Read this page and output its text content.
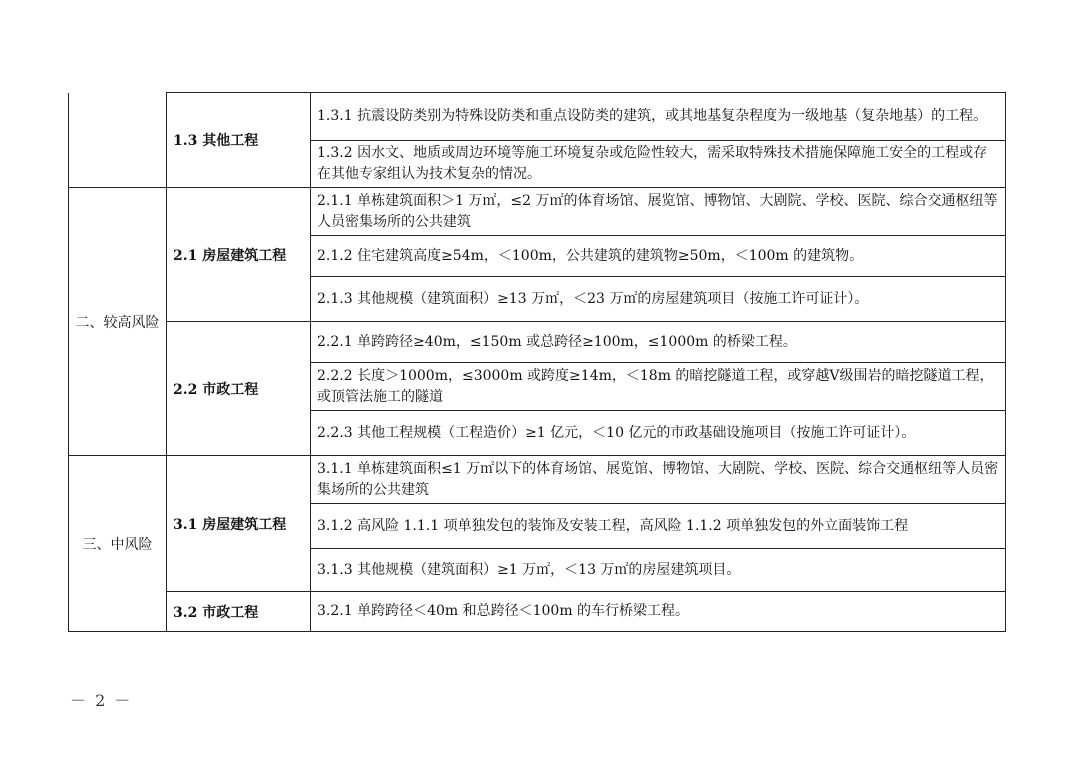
	1.3 其他工程	1.3.1 抗震设防类别为特殊设防类和重点设防类的建筑，或其地基复杂程度为一级地基（复杂地基）的工程。
		1.3.2 因水文、地质或周边环境等施工环境复杂或危险性较大，需采取特殊技术措施保障施工安全的工程或存在其他专家组认为技术复杂的情况。
二、较高风险	2.1 房屋建筑工程	2.1.1 单栋建筑面积＞1 万㎡，≤2 万㎡的体育场馆、展览馆、博物馆、大剧院、学校、医院、综合交通枢纽等人员密集场所的公共建筑
		2.1.2 住宅建筑高度≥54m，＜100m，公共建筑的建筑物≥50m，＜100m 的建筑物。
		2.1.3 其他规模（建筑面积）≥13 万㎡，＜23 万㎡的房屋建筑项目（按施工许可证计）。
	2.2 市政工程	2.2.1 单跨跨径≥40m，≤150m 或总跨径≥100m，≤1000m 的桥梁工程。
		2.2.2 长度＞1000m，≤3000m 或跨度≥14m，＜18m 的暗挖隧道工程，或穿越Ⅴ级围岩的暗挖隧道工程，或顶管法施工的隧道
		2.2.3 其他工程规模（工程造价）≥1 亿元，＜10 亿元的市政基础设施项目（按施工许可证计）。
三、中风险	3.1 房屋建筑工程	3.1.1 单栋建筑面积≤1 万㎡以下的体育场馆、展览馆、博物馆、大剧院、学校、医院、综合交通枢纽等人员密集场所的公共建筑
		3.1.2 高风险 1.1.1 项单独发包的装饰及安装工程，高风险 1.1.2 项单独发包的外立面装饰工程
		3.1.3 其他规模（建筑面积）≥1 万㎡，＜13 万㎡的房屋建筑项目。
	3.2 市政工程	3.2.1 单跨跨径＜40m 和总跨径＜100m 的车行桥梁工程。
－ 2 －
